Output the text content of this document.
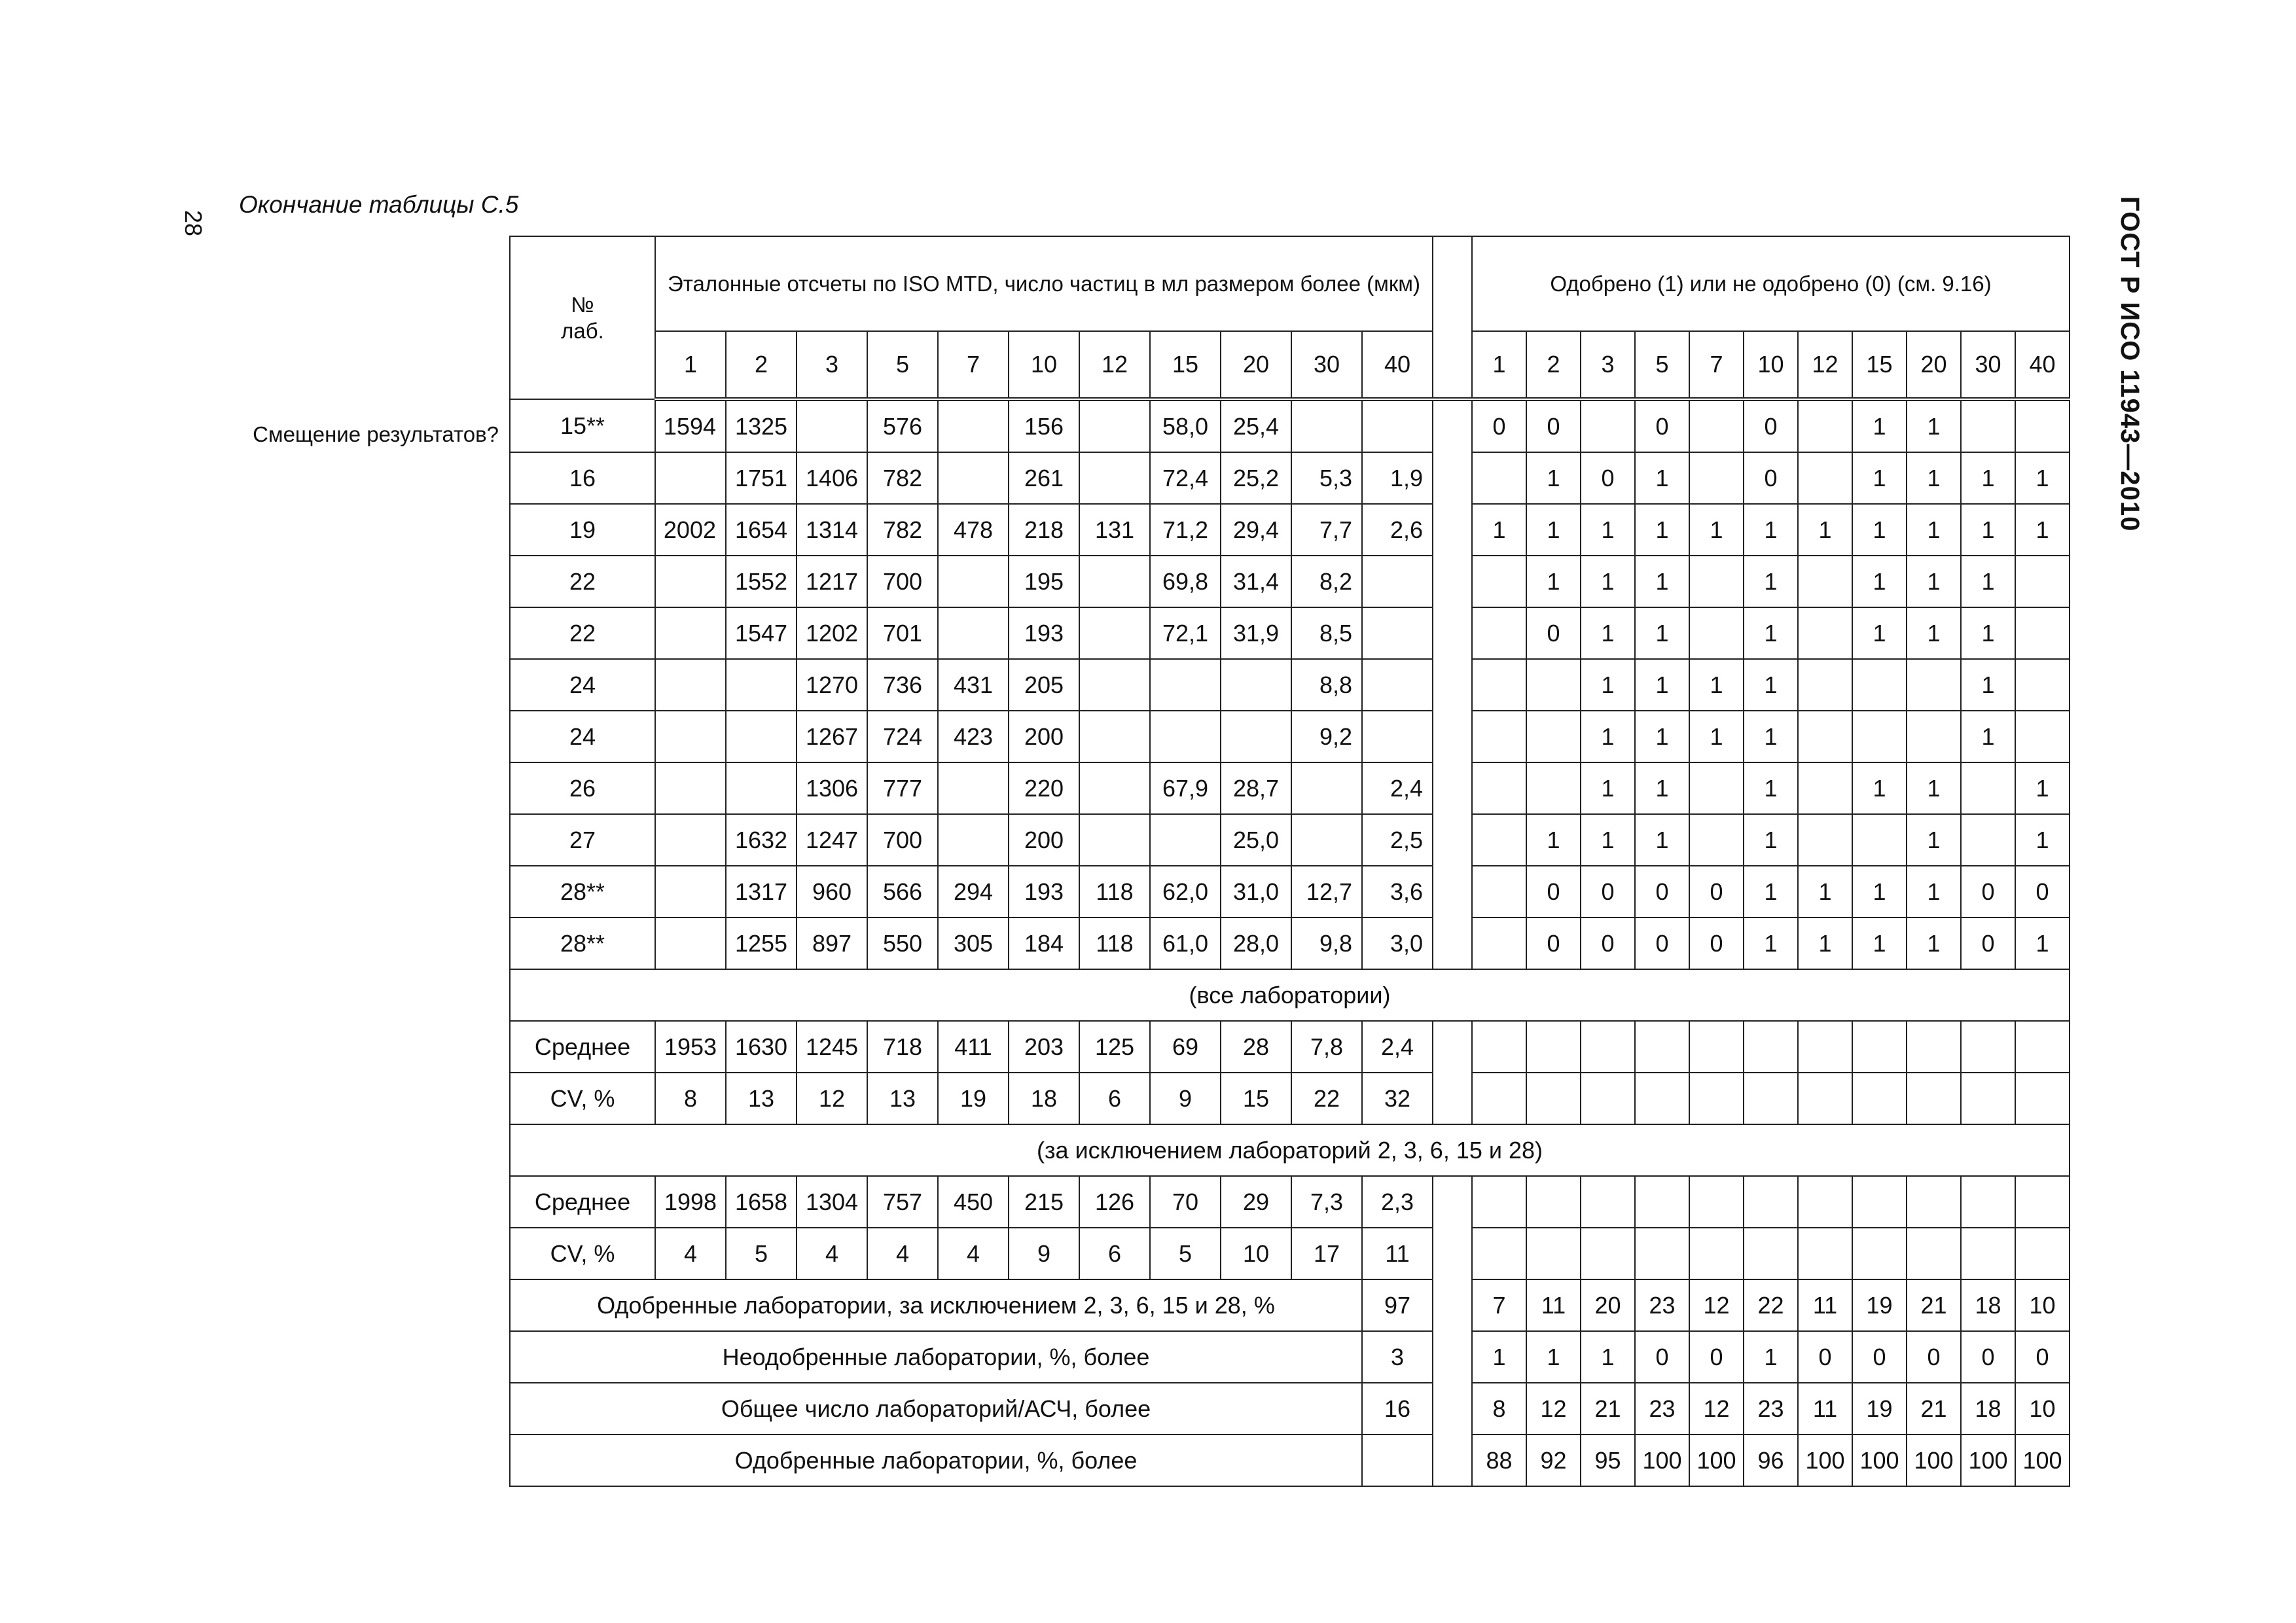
28
Окончание таблицы С.5	ГОСТ Р ИСО 11943—2010
Смещение результатов?
№
лаб.	Эталонные отсчеты по ISO MTD, число частиц в мл размером более (мкм)												Одобрено (1) или не одобрено (0) (см. 9.16)										
	1	2	3	5	7	10	12	15	20	30	40		1	2	3	5	7	10	12	15	20	30	40
15**	1594	1325		576		156		58,0	25,4				0	0		0		0		1	1		
16		1751	1406	782		261		72,4	25,2	5,3	1,9			1	0	1		0		1	1	1	1
19	2002	1654	1314	782	478	218	131	71,2	29,4	7,7	2,6		1	1	1	1	1	1	1	1	1	1	1
22		1552	1217	700		195		69,8	31,4	8,2				1	1	1		1		1	1	1	
22		1547	1202	701		193		72,1	31,9	8,5				0	1	1		1		1	1	1	
24			1270	736	431	205				8,8					1	1	1	1				1	
24			1267	724	423	200				9,2					1	1	1	1				1	
26			1306	777		220		67,9	28,7		2,4				1	1		1		1	1		1
27		1632	1247	700		200			25,0		2,5			1	1	1		1			1		1
28**		1317	960	566	294	193	118	62,0	31,0	12,7	3,6			0	0	0	0	1	1	1	1	0	0
28**		1255	897	550	305	184	118	61,0	28,0	9,8	3,0			0	0	0	0	1	1	1	1	0	1
(все лаборатории)																							
Среднее	1953	1630	1245	718	411	203	125	69	28	7,8	2,4												
CV, %	8	13	12	13	19	18	6	9	15	22	32												
(за исключением лабораторий 2, 3, 6, 15 и 28)																							
Среднее	1998	1658	1304	757	450	215	126	70	29	7,3	2,3												
CV, %	4	5	4	4	4	9	6	5	10	17	11												
Одобренные лаборатории, за исключением 2, 3, 6, 15 и 28, %											97		7	11	20	23	12	22	11	19	21	18	10
Неодобренные лаборатории, %, более											3		1	1	1	0	0	1	0	0	0	0	0
Общее число лабораторий/АСЧ, более											16		8	12	21	23	12	23	11	19	21	18	10
Одобренные лаборатории, %, более													88	92	95	100	100	96	100	100	100	100	100
